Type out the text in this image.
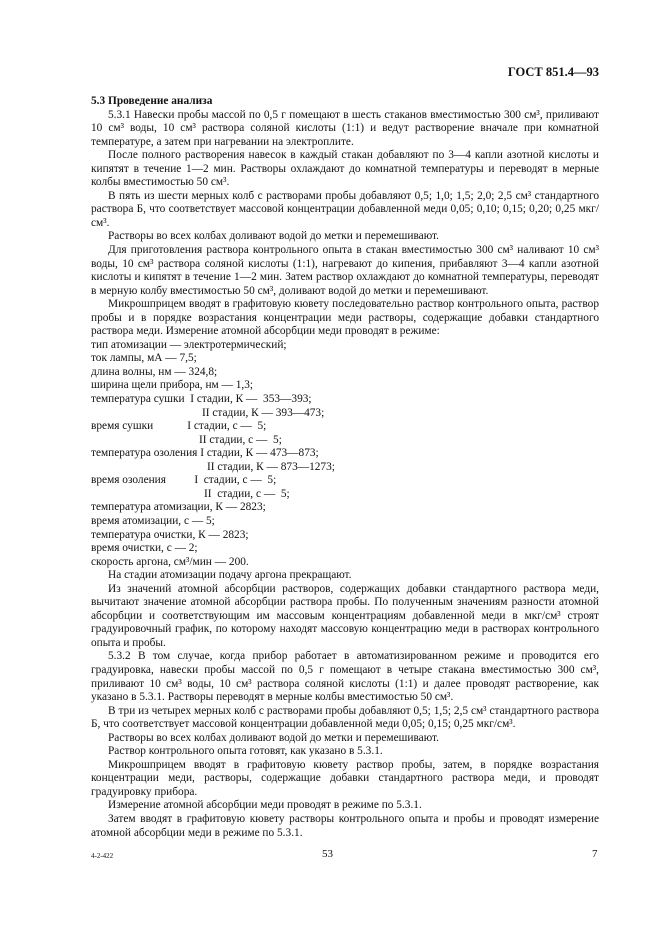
ГОСТ 851.4—93

5.3 Проведение анализа

5.3.1 Навески пробы массой по 0,5 г помещают в шесть стаканов вместимостью 300 см³, приливают 10 см³ воды, 10 см³ раствора соляной кислоты (1:1) и ведут растворение вначале при комнатной температуре, а затем при нагревании на электроплите.

После полного растворения навесок в каждый стакан добавляют по 3—4 капли азотной кислоты и кипятят в течение 1—2 мин. Растворы охлаждают до комнатной температуры и переводят в мерные колбы вместимостью 50 см³.

В пять из шести мерных колб с растворами пробы добавляют 0,5; 1,0; 1,5; 2,0; 2,5 см³ стандартного раствора Б, что соответствует массовой концентрации добавленной меди 0,05; 0,10; 0,15; 0,20; 0,25 мкг/ см³.

Растворы во всех колбах доливают водой до метки и перемешивают.

Для приготовления раствора контрольного опыта в стакан вместимостью 300 см³ наливают 10 см³ воды, 10 см³ раствора соляной кислоты (1:1), нагревают до кипения, прибавляют 3—4 капли азотной кислоты и кипятят в течение 1—2 мин. Затем раствор охлаждают до комнатной температуры, переводят в мерную колбу вместимостью 50 см³, доливают водой до метки и перемешивают.

Микрошприцем вводят в графитовую кювету последовательно раствор контрольного опыта, раствор пробы и в порядке возрастания концентрации меди растворы, содержащие добавки стандартного раствора меди. Измерение атомной абсорбции меди проводят в режиме:

тип атомизации — электротермический;
ток лампы, мА — 7,5;
длина волны, нм — 324,8;
ширина щели прибора, нм — 1,3;
температура сушки  I стадии, К —  353—393;
II стадии, К — 393—473;
время сушки            I стадии, с —  5;
II стадии, с —  5;
температура озоления I стадии, К — 473—873;
II стадии, К — 873—1273;
время озоления          I  стадии, с —  5;
II  стадии, с —  5;
температура атомизации, К — 2823;
время атомизации, с — 5;
температура очистки, К — 2823;
время очистки, с — 2;
скорость аргона, см³/мин — 200.

На стадии атомизации подачу аргона прекращают.

Из значений атомной абсорбции растворов, содержащих добавки стандартного раствора меди, вычитают значение атомной абсорбции раствора пробы. По полученным значениям разности атомной абсорбции и соответствующим им массовым концентрациям добавленной меди в мкг/см³ строят градуировочный график, по которому находят массовую концентрацию меди в растворах контрольного опыта и пробы.

5.3.2 В том случае, когда прибор работает в автоматизированном режиме и проводится его градуировка, навески пробы массой по 0,5 г помещают в четыре стакана вместимостью 300 см³, приливают 10 см³ воды, 10 см³ раствора соляной кислоты (1:1) и далее проводят растворение, как указано в 5.3.1. Растворы переводят в мерные колбы вместимостью 50 см³.

В три из четырех мерных колб с растворами пробы добавляют 0,5; 1,5; 2,5 см³ стандартного раствора Б, что соответствует массовой концентрации добавленной меди 0,05; 0,15; 0,25 мкг/см³.

Растворы во всех колбах доливают водой до метки и перемешивают.

Раствор контрольного опыта готовят, как указано в 5.3.1.

Микрошприцем вводят в графитовую кювету раствор пробы, затем, в порядке возрастания концентрации меди, растворы, содержащие добавки стандартного раствора меди, и проводят градуировку прибора.

Измерение атомной абсорбции меди проводят в режиме по 5.3.1.

Затем вводят в графитовую кювету растворы контрольного опыта и пробы и проводят измерение атомной абсорбции меди в режиме по 5.3.1.

4-2-422	53	7
